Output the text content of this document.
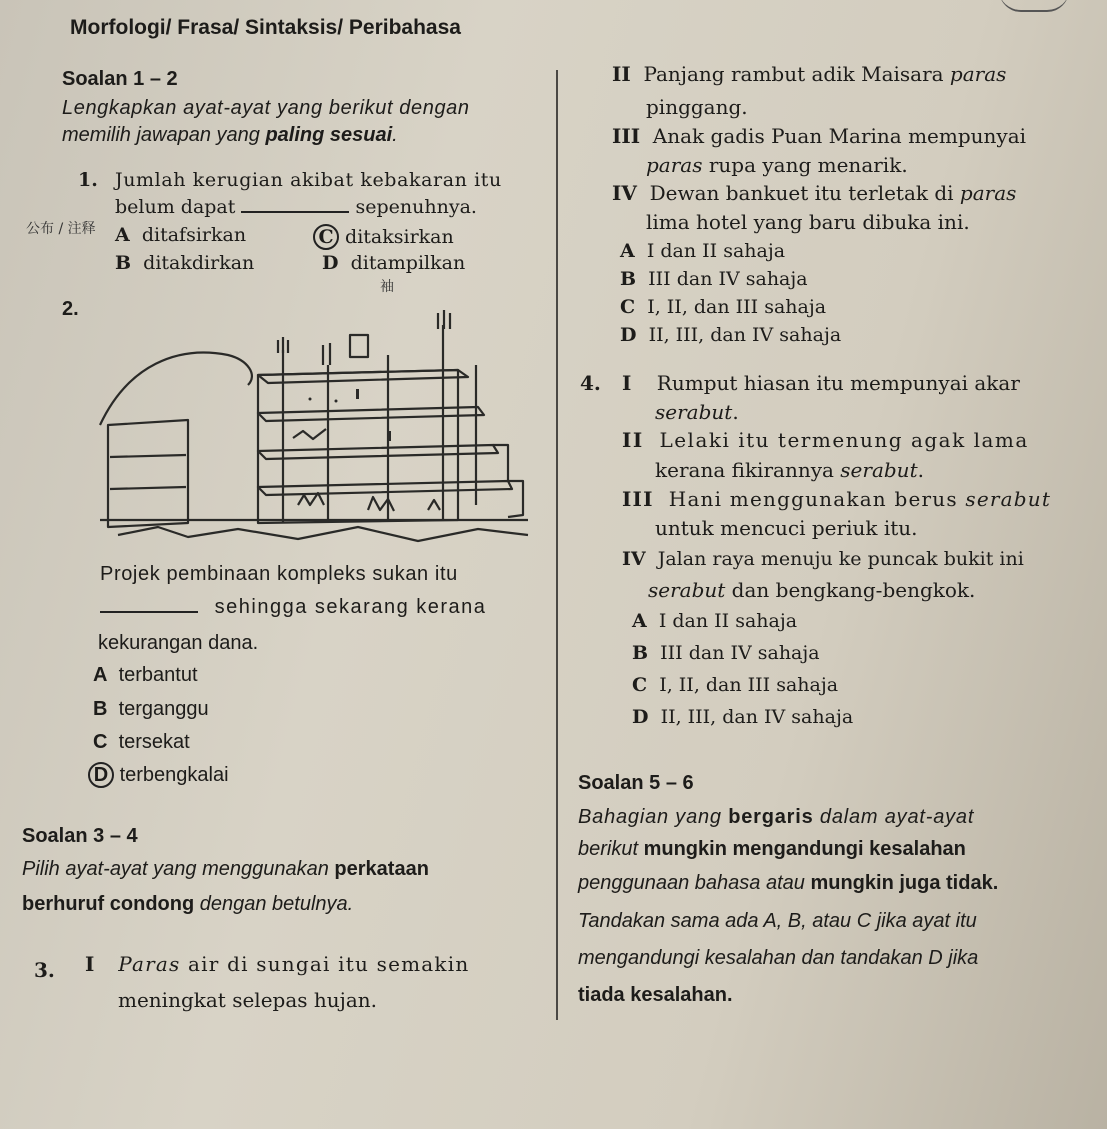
Morfologi/ Frasa/ Sintaksis/ Peribahasa
Soalan 1 – 2
Lengkapkan ayat-ayat yang berikut dengan
memilih jawapan yang paling sesuai.
1. Jumlah kerugian akibat kebakaran itu
belum dapat	sepenuhnya.
公布 / 注释 A ditafsirkan	C ditaksirkan
B ditakdirkan	D ditampilkan
袖
2.
Projek pembinaan kompleks sukan itu
sehingga sekarang kerana
kekurangan dana.
A terbantut
B terganggu
C tersekat
D terbengkalai
Soalan 3 – 4
Pilih ayat-ayat yang menggunakan perkataan
berhuruf condong dengan betulnya.
3. I Paras air di sungai itu semakin
meningkat selepas hujan.
II Panjang rambut adik Maisara paras
pinggang.
III Anak gadis Puan Marina mempunyai
paras rupa yang menarik.
IV Dewan bankuet itu terletak di paras
lima hotel yang baru dibuka ini.
A I dan II sahaja
B III dan IV sahaja
C I, II, dan III sahaja
D II, III, dan IV sahaja
4. I Rumput hiasan itu mempunyai akar
serabut.
II Lelaki itu termenung agak lama
kerana fikirannya serabut.
III Hani menggunakan berus serabut
untuk mencuci periuk itu.
IV Jalan raya menuju ke puncak bukit ini
serabut dan bengkang-bengkok.
A I dan II sahaja
B III dan IV sahaja
C I, II, dan III sahaja
D II, III, dan IV sahaja
Soalan 5 – 6
Bahagian yang bergaris dalam ayat-ayat
berikut mungkin mengandungi kesalahan
penggunaan bahasa atau mungkin juga tidak.
Tandakan sama ada A, B, atau C jika ayat itu
mengandungi kesalahan dan tandakan D jika
tiada kesalahan.
